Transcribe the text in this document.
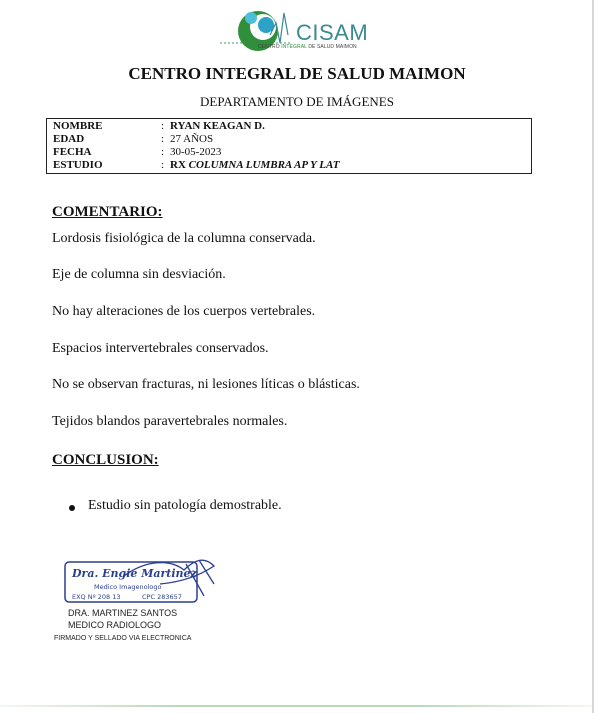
CISAM
CENTRO INTEGRAL DE SALUD MAIMON
CENTRO INTEGRAL DE SALUD MAIMON
DEPARTAMENTO DE IMÁGENES
NOMBRE	: RYAN KEAGAN D.
EDAD	: 27 AÑOS
FECHA	: 30-05-2023
ESTUDIO	: RX COLUMNA LUMBRA AP Y LAT
COMENTARIO:
Lordosis fisiológica de la columna conservada.
Eje de columna sin desviación.
No hay alteraciones de los cuerpos vertebrales.
Espacios intervertebrales conservados.
No se observan fracturas, ni lesiones líticas o blásticas.
Tejidos blandos paravertebrales normales.
CONCLUSION:
Estudio sin patología demostrable.
Dra. Engie Martinez
Medico Imagenologo
EXQ Nº 208 13	CPC 283657
DRA. MARTINEZ SANTOS
MEDICO RADIOLOGO
FIRMADO Y SELLADO VIA ELECTRONICA
